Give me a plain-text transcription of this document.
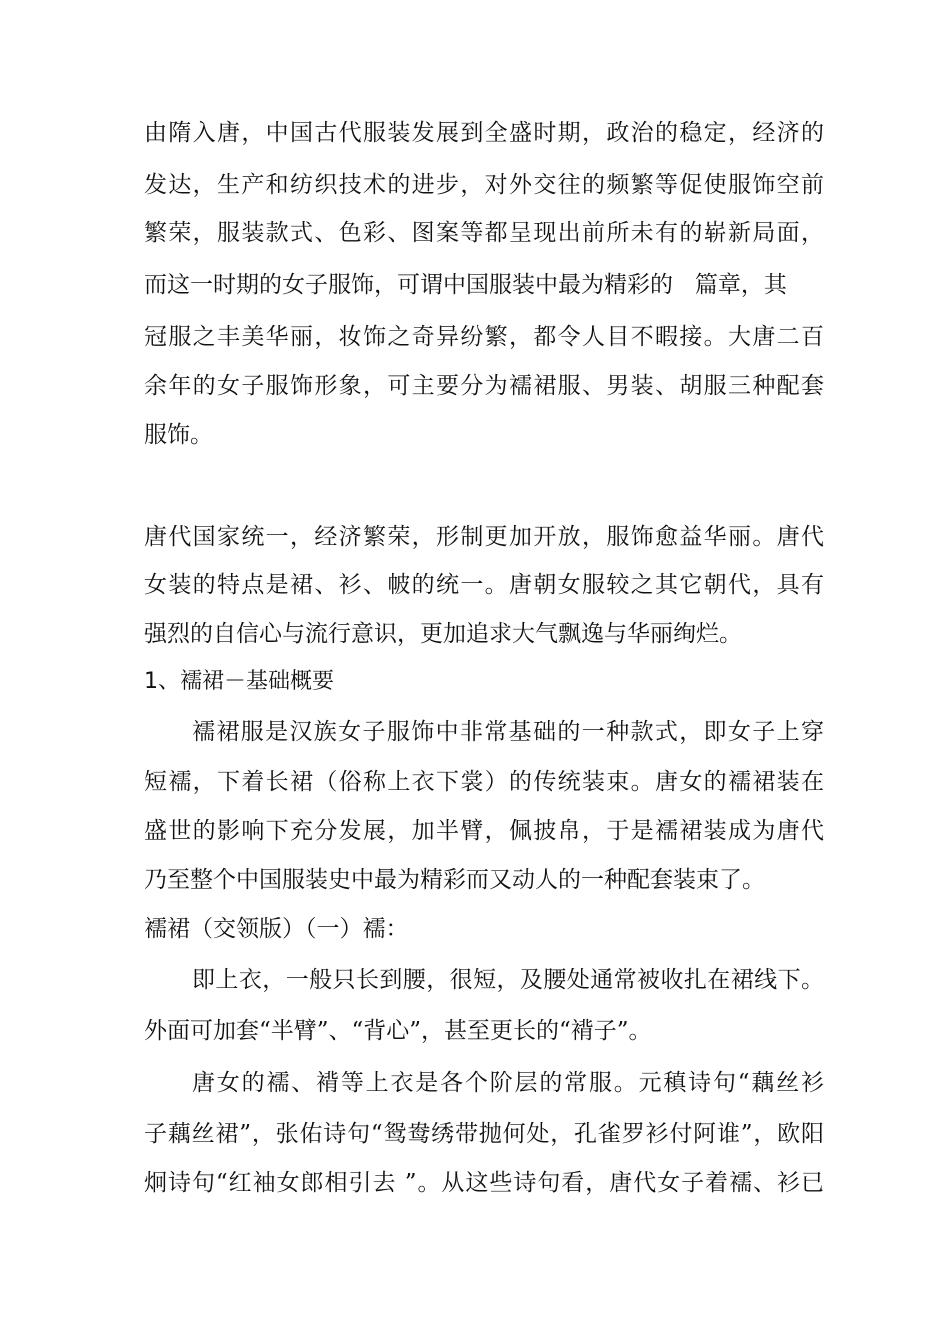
由隋入唐，中国古代服装发展到全盛时期，政治的稳定，经济的
发达，生产和纺织技术的进步，对外交往的频繁等促使服饰空前
繁荣，服装款式、色彩、图案等都呈现出前所未有的崭新局面，
而这一时期的女子服饰，可谓中国服装中最为精彩的   篇章，其
冠服之丰美华丽，妆饰之奇异纷繁，都令人目不暇接。大唐二百
余年的女子服饰形象，可主要分为襦裙服、男装、胡服三种配套
服饰。
唐代国家统一，经济繁荣，形制更加开放，服饰愈益华丽。唐代
女装的特点是裙、衫、帔的统一。唐朝女服较之其它朝代，具有
强烈的自信心与流行意识，更加追求大气飘逸与华丽绚烂。
1、襦裙－基础概要
襦裙服是汉族女子服饰中非常基础的一种款式，即女子上穿
短襦，下着长裙（俗称上衣下裳）的传统装束。唐女的襦裙装在
盛世的影响下充分发展，加半臂，佩披帛，于是襦裙装成为唐代
乃至整个中国服装史中最为精彩而又动人的一种配套装束了。
襦裙（交领版）（一）襦：
即上衣，一般只长到腰，很短，及腰处通常被收扎在裙线下。
外面可加套“半臂”、“背心”，甚至更长的“褙子”。
唐女的襦、褙等上衣是各个阶层的常服。元稹诗句“藕丝衫
子藕丝裙”，张佑诗句“鸳鸯绣带抛何处，孔雀罗衫付阿谁”，欧阳
炯诗句“红袖女郎相引去 ”。从这些诗句看，唐代女子着襦、衫已
